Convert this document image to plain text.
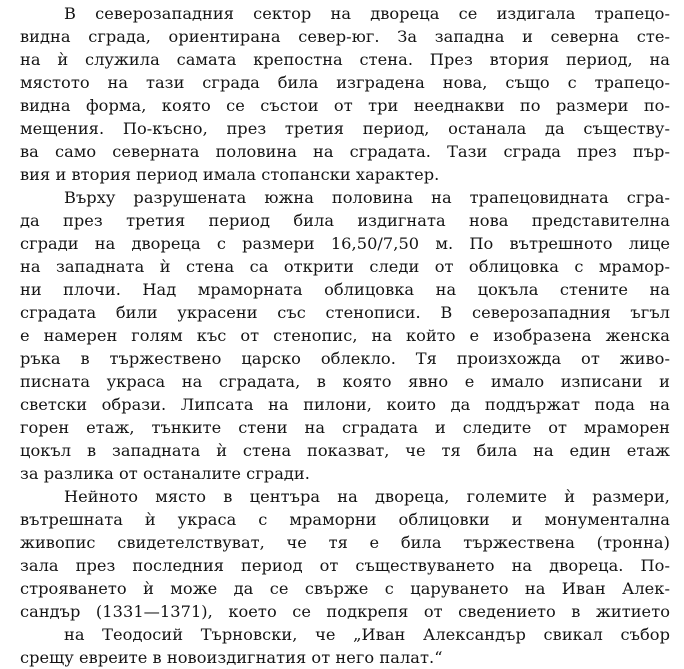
В северозападния сектор на двореца се издигала трапецо-
видна сграда, ориентирана север-юг. За западна и северна сте-
на ѝ служила самата крепостна стена. През втория период, на
мястото на тази сграда била изградена нова, също с трапецо-
видна форма, която се състои от три нееднакви по размери по-
мещения. По-късно, през третия период, останала да съществу-
ва само северната половина на сградата. Тази сграда през пър-
вия и втория период имала стопански характер.
Върху разрушената южна половина на трапецовидната сгра-
да през третия период била издигната нова представителна
сгради на двореца с размери 16,50/7,50 м. По вътрешното лице
на западната ѝ стена са открити следи от облицовка с мрамор-
ни плочи. Над мраморната облицовка на цокъла стените на
сградата били украсени със стенописи. В северозападния ъгъл
е намерен голям къс от стенопис, на който е изобразена женска
ръка в тържествено царско облекло. Тя произхожда от живо-
писната украса на сградата, в която явно е имало изписани и
светски образи. Липсата на пилони, които да поддържат пода на
горен етаж, тънките стени на сградата и следите от мраморен
цокъл в западната ѝ стена показват, че тя била на един етаж
за разлика от останалите сгради.
Нейното място в центъра на двореца, големите ѝ размери,
вътрешната ѝ украса с мраморни облицовки и монументална
живопис свидетелствуват, че тя е била тържествена (тронна)
зала през последния период от съществуването на двореца. По-
строяването ѝ може да се свърже с царуването на Иван Алек-
сандър (1331—1371), което се подкрепя от сведението в житието
на Теодосий Търновски, че „Иван Александър свикал събор
срещу евреите в новоиздигнатия от него палат.“
